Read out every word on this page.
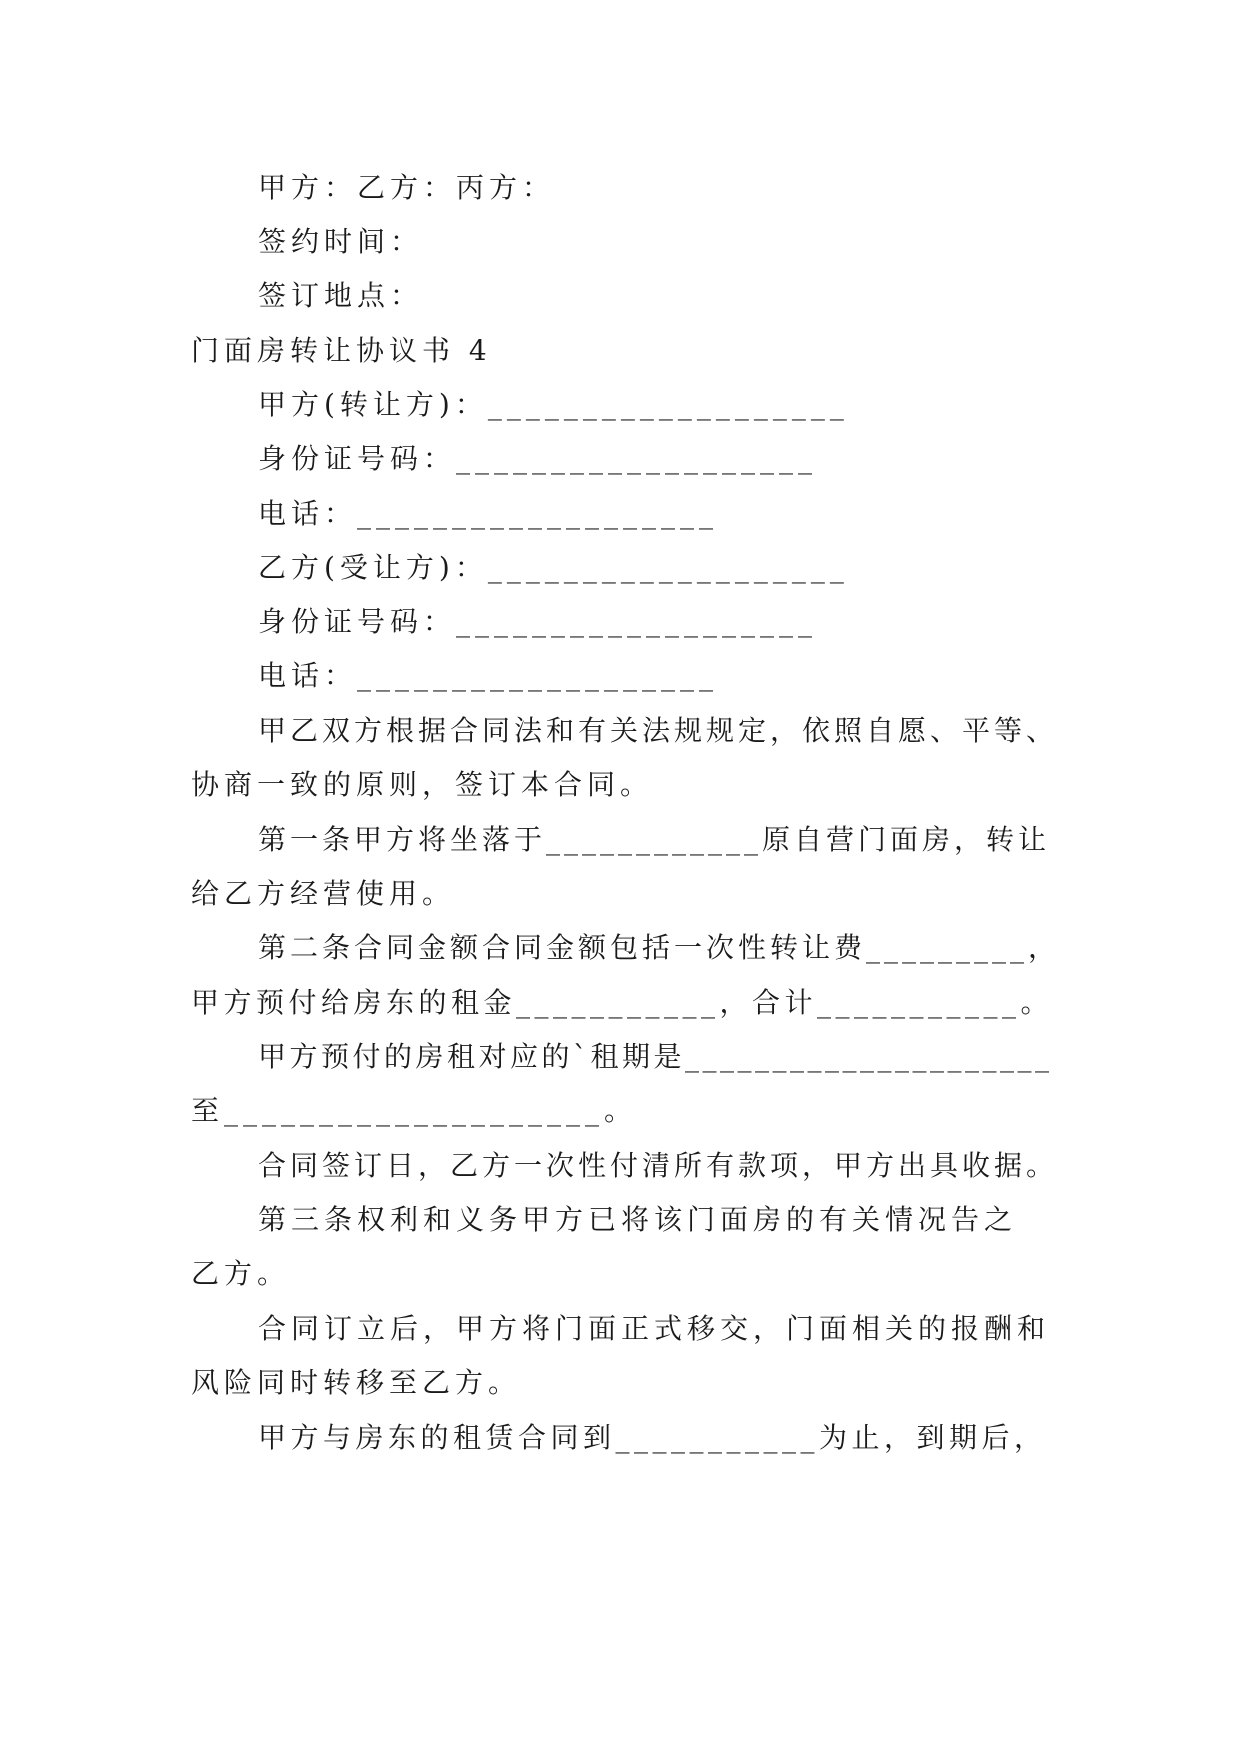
甲方：乙方：丙方：
签约时间：
签订地点：
门面房转让协议书 4
甲方(转让方)：___________________
身份证号码：___________________
电话：___________________
乙方(受让方)：___________________
身份证号码：___________________
电话：___________________
甲乙双方根据合同法和有关法规规定，依照自愿、平等、
协商一致的原则，签订本合同。
第一条甲方将坐落于____________原自营门面房，转让
给乙方经营使用。
第二条合同金额合同金额包括一次性转让费_________，
甲方预付给房东的租金___________，合计___________。
甲方预付的房租对应的`租期是_____________________
至____________________。
合同签订日，乙方一次性付清所有款项，甲方出具收据。
第三条权利和义务甲方已将该门面房的有关情况告之
乙方。
合同订立后，甲方将门面正式移交，门面相关的报酬和
风险同时转移至乙方。
甲方与房东的租赁合同到___________为止，到期后，
